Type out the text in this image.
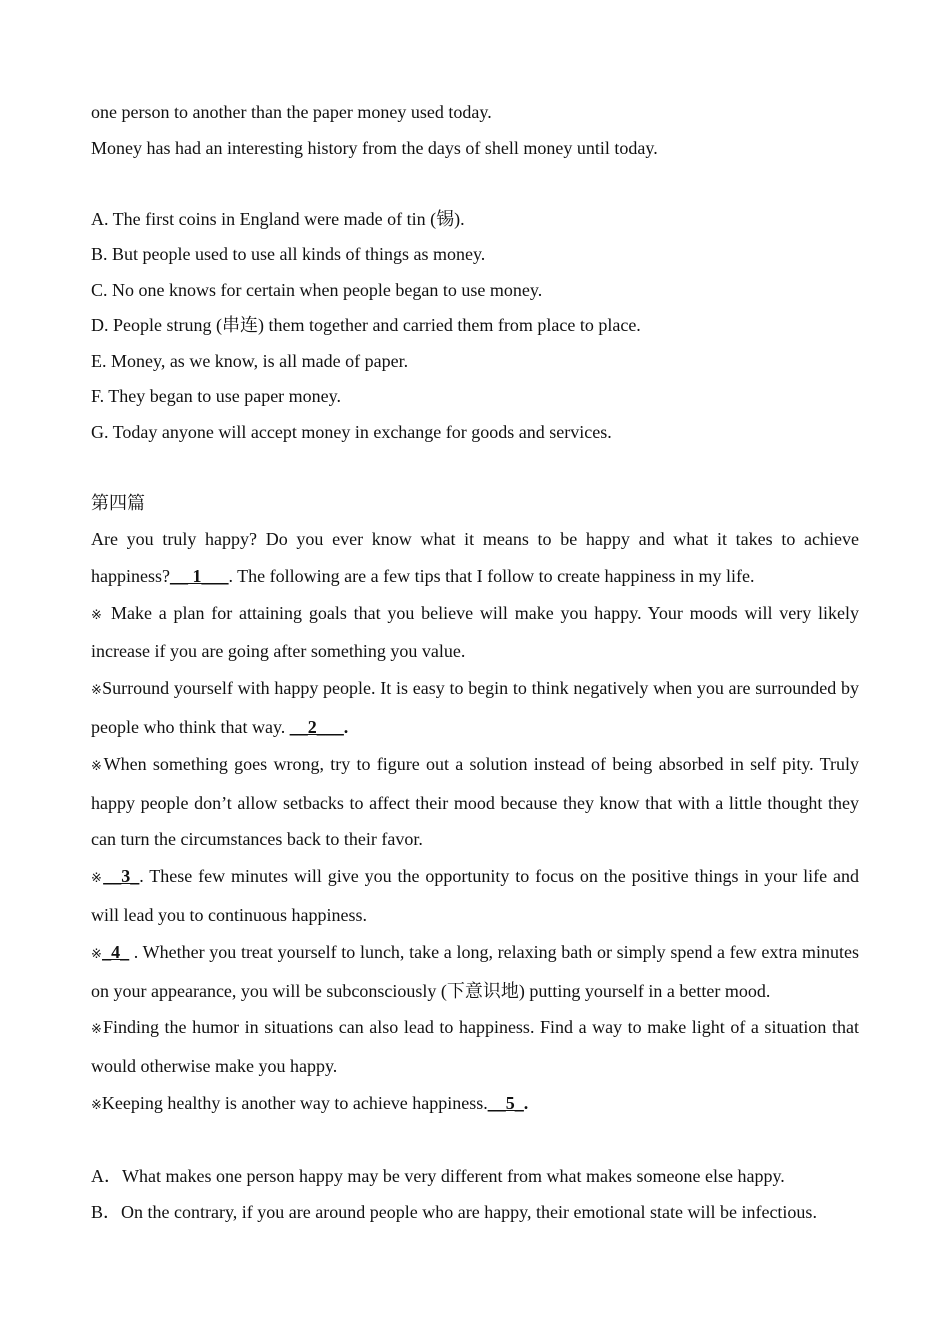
one person to another than the paper money used today.

Money has had an interesting history from the days of shell money until today.

A. The first coins in England were made of tin (锡).

B. But people used to use all kinds of things as money.

C. No one knows for certain when people began to use money.

D. People strung (串连) them together and carried them from place to place.

E. Money, as we know, is all made of paper.

F. They began to use paper money.

G. Today anyone will accept money in exchange for goods and services.

第四篇

Are you truly happy? Do you ever know what it means to be happy and what it takes to achieve happiness?__ 1___. The following are a few tips that I follow to create happiness in my life.

※ Make a plan for attaining goals that you believe will make you happy. Your moods will very likely increase if you are going after something you value.

※Surround yourself with happy people. It is easy to begin to think negatively when you are surrounded by people who think that way. __2___.

※When something goes wrong, try to figure out a solution instead of being absorbed in self pity. Truly happy people don’t allow setbacks to affect their mood because they know that with a little thought they can turn the circumstances back to their favor.

※__3_. These few minutes will give you the opportunity to focus on the positive things in your life and will lead you to continuous happiness.

※_4_ . Whether you treat yourself to lunch, take a long, relaxing bath or simply spend a few extra minutes on your appearance, you will be subconsciously (下意识地) putting yourself in a better mood.

※Finding the humor in situations can also lead to happiness. Find a way to make light of a situation that would otherwise make you happy.

※Keeping healthy is another way to achieve happiness.__5_.

A．What makes one person happy may be very different from what makes someone else happy.

B．On the contrary, if you are around people who are happy, their emotional state will be infectious.
